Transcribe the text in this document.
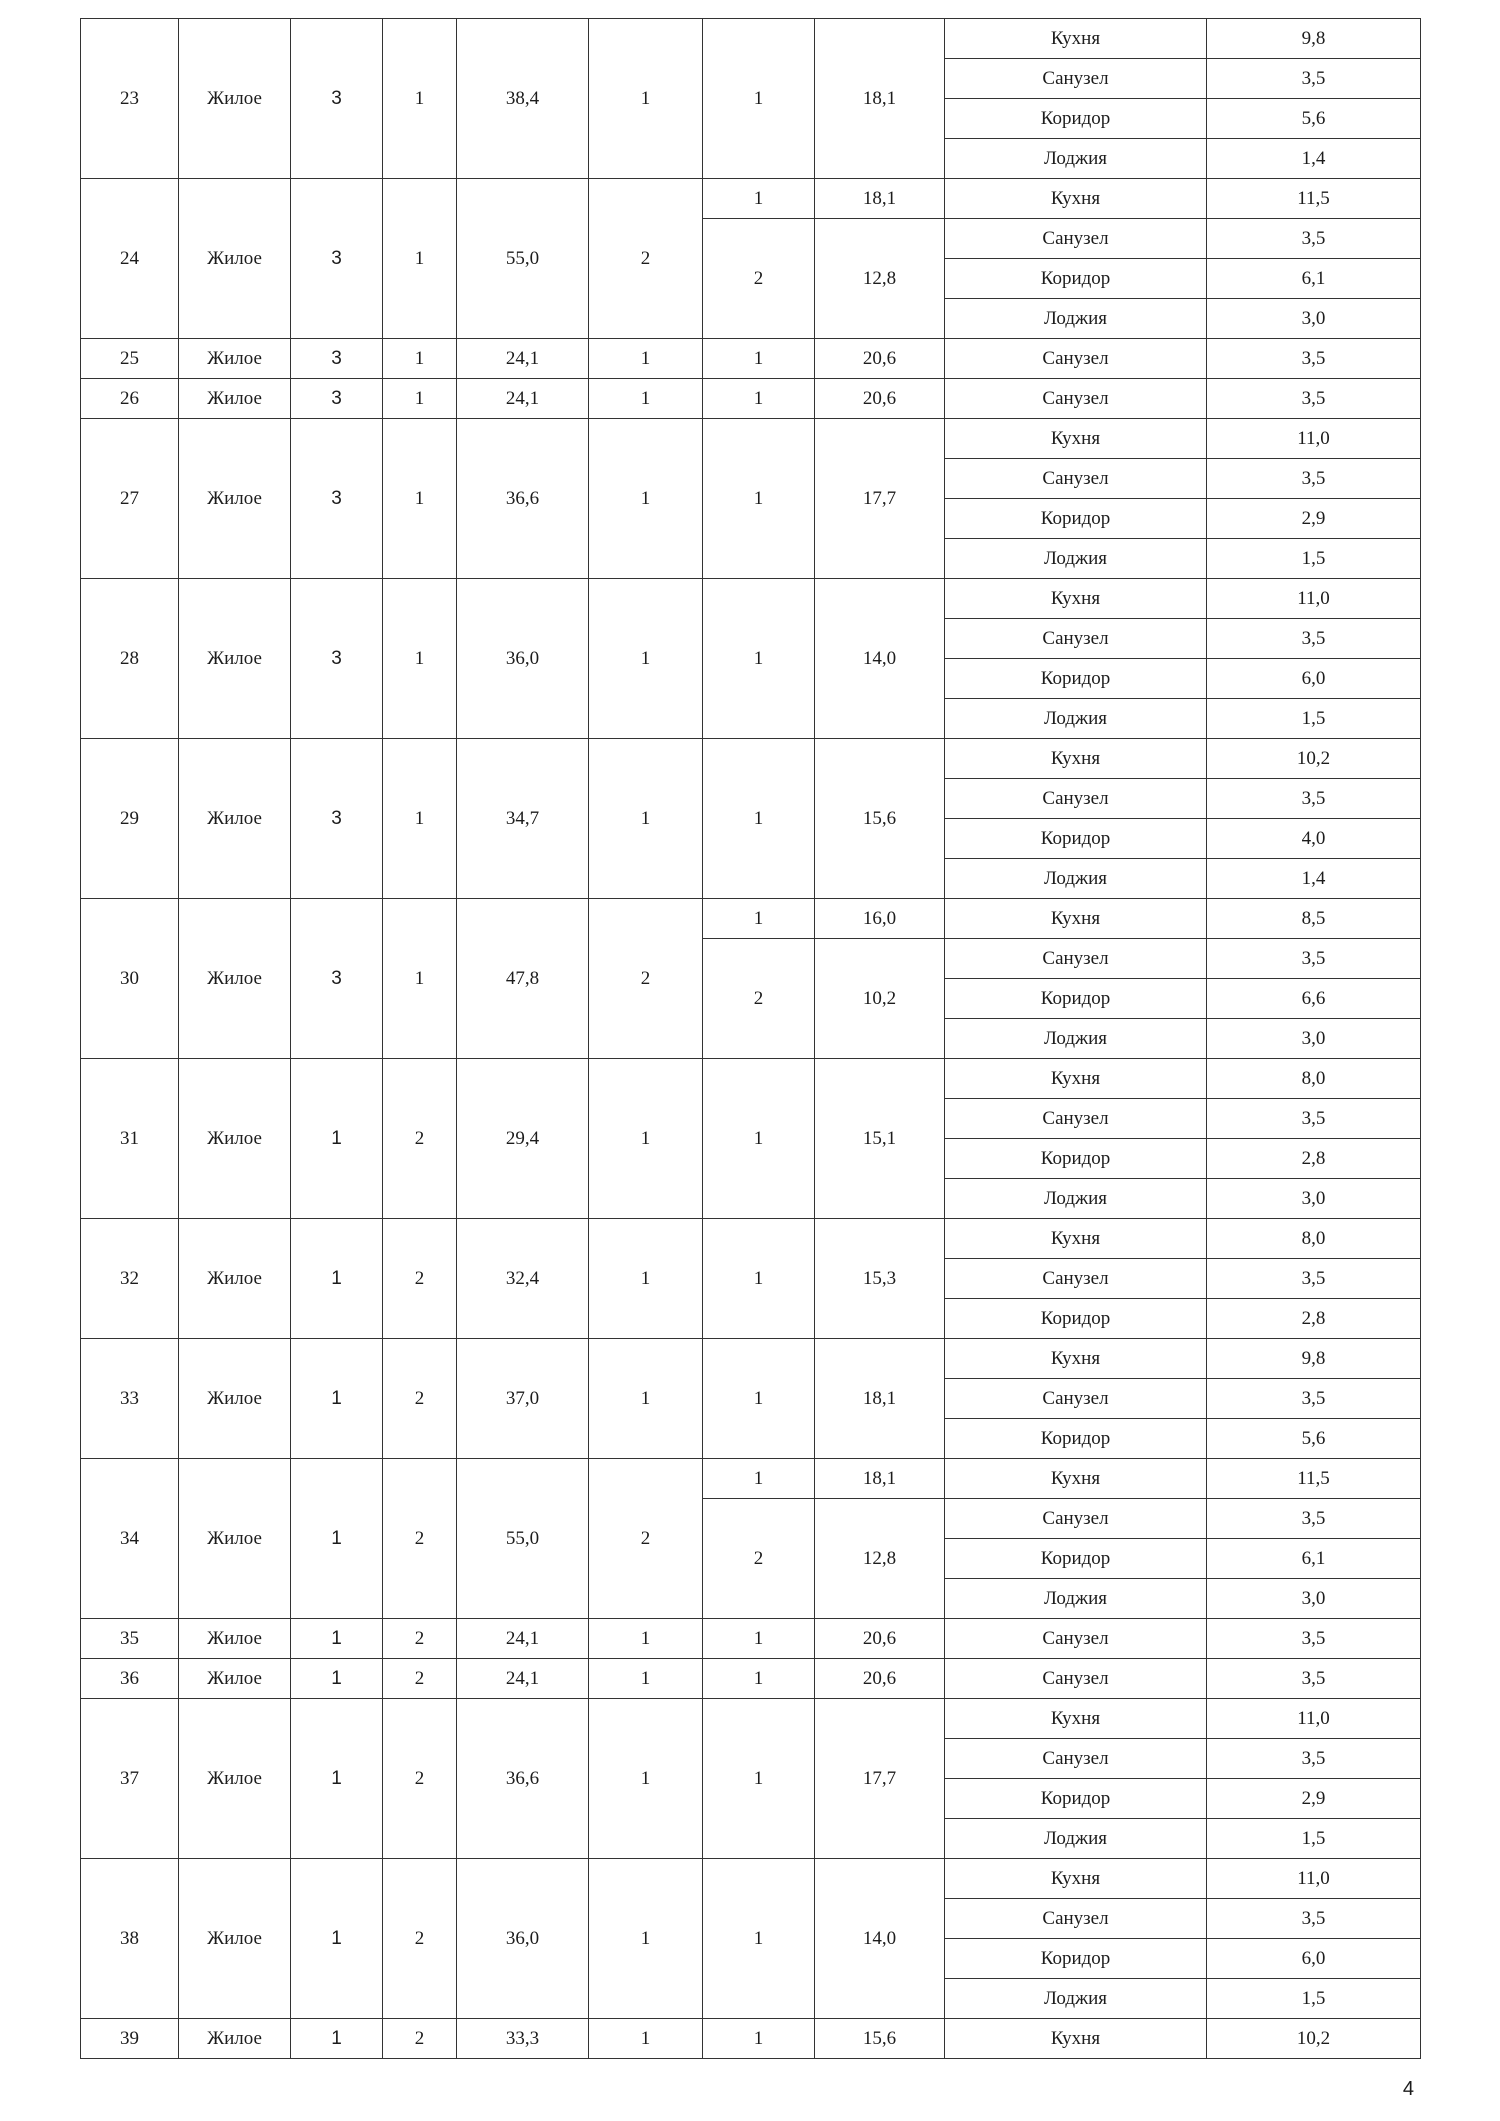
23	Жилое	3	1	38,4	1	1	18,1	Кухня	9,8
								Санузел	3,5
								Коридор	5,6
								Лоджия	1,4
24	Жилое	3	1	55,0	2	1	18,1	Кухня	11,5
						2	12,8	Санузел	3,5
								Коридор	6,1
								Лоджия	3,0
25	Жилое	3	1	24,1	1	1	20,6	Санузел	3,5
26	Жилое	3	1	24,1	1	1	20,6	Санузел	3,5
27	Жилое	3	1	36,6	1	1	17,7	Кухня	11,0
								Санузел	3,5
								Коридор	2,9
								Лоджия	1,5
28	Жилое	3	1	36,0	1	1	14,0	Кухня	11,0
								Санузел	3,5
								Коридор	6,0
								Лоджия	1,5
29	Жилое	3	1	34,7	1	1	15,6	Кухня	10,2
								Санузел	3,5
								Коридор	4,0
								Лоджия	1,4
30	Жилое	3	1	47,8	2	1	16,0	Кухня	8,5
						2	10,2	Санузел	3,5
								Коридор	6,6
								Лоджия	3,0
31	Жилое	1	2	29,4	1	1	15,1	Кухня	8,0
								Санузел	3,5
								Коридор	2,8
								Лоджия	3,0
32	Жилое	1	2	32,4	1	1	15,3	Кухня	8,0
								Санузел	3,5
								Коридор	2,8
33	Жилое	1	2	37,0	1	1	18,1	Кухня	9,8
								Санузел	3,5
								Коридор	5,6
34	Жилое	1	2	55,0	2	1	18,1	Кухня	11,5
						2	12,8	Санузел	3,5
								Коридор	6,1
								Лоджия	3,0
35	Жилое	1	2	24,1	1	1	20,6	Санузел	3,5
36	Жилое	1	2	24,1	1	1	20,6	Санузел	3,5
37	Жилое	1	2	36,6	1	1	17,7	Кухня	11,0
								Санузел	3,5
								Коридор	2,9
								Лоджия	1,5
38	Жилое	1	2	36,0	1	1	14,0	Кухня	11,0
								Санузел	3,5
								Коридор	6,0
								Лоджия	1,5
39	Жилое	1	2	33,3	1	1	15,6	Кухня	10,2
4
